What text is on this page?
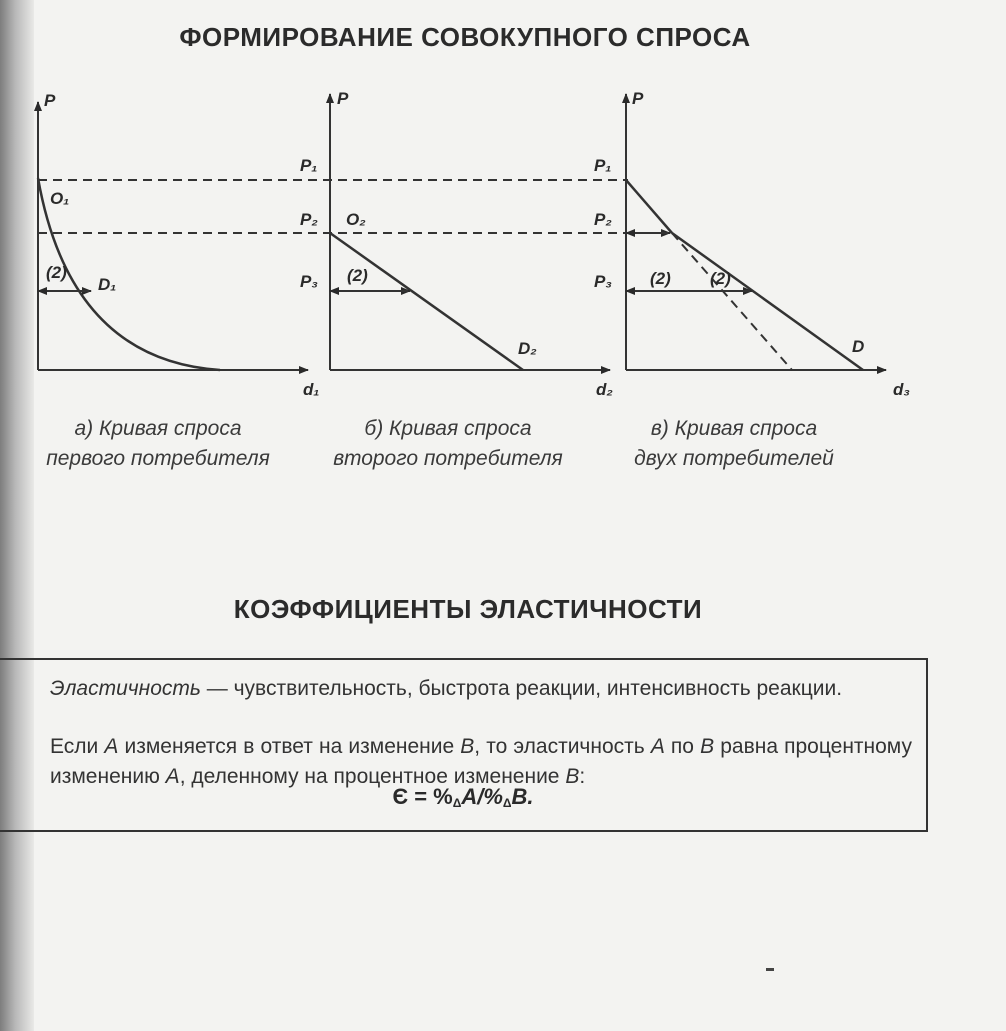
ФОРМИРОВАНИЕ СОВОКУПНОГО СПРОСА
P
O₁
(2)
D₁
d₁
P
P₁
P₂
P₃
O₂
(2)
D₂
d₂
P
P₁
P₂
P₃ (2) (2)
D
d₃
а) Кривая спроса
первого потребителя
б) Кривая спроса
второго потребителя
в) Кривая спроса
двух потребителей
КОЭФФИЦИЕНТЫ ЭЛАСТИЧНОСТИ
Эластичность — чувствительность, быстрота реакции, интенсивность реакции.
Если A изменяется в ответ на изменение B, то эластичность A по B равна процентному изменению A, деленному на процентное изменение B:
$Є = \%_\Delta A/\%_\Delta B$.
